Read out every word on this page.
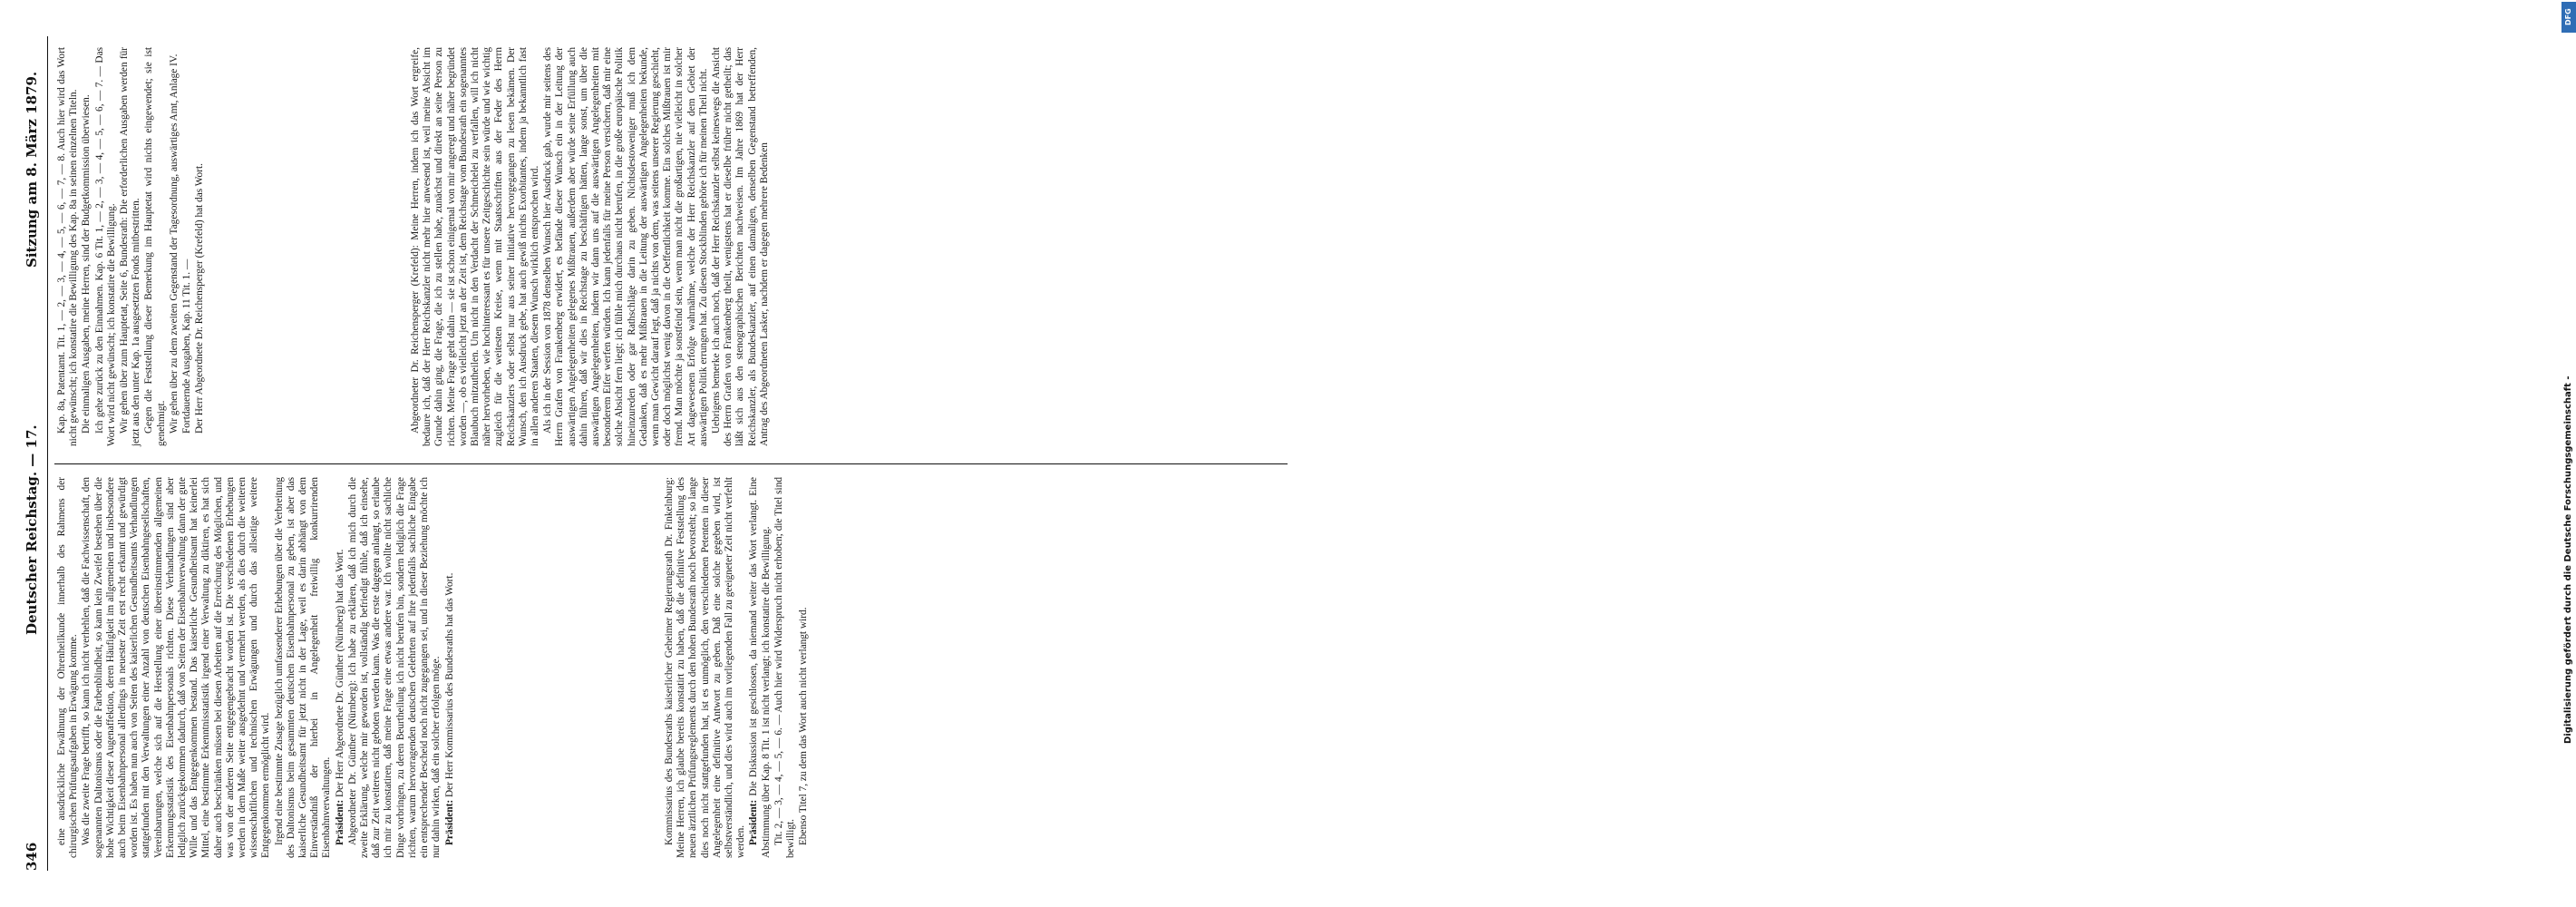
346
Deutscher Reichstag. — 17.
Sitzung am 8. März 1879.

eine ausdrückliche Erwähnung der Ohrenheilkunde innerhalb des Rahmens der chirurgischen Prüfungsaufgaben in Erwägung komme. Was die zweite Frage betrifft, so kann ich nicht verhehlen, daß die Fachwissenschaft, den sogenannten Daltonismus oder die Farbenblindheit, so kann kein Zweifel bestehen über die hohe Wichtigkeit dieser Augenaffektion, deren Häufigkeit im allgemeinen und insbesondere auch beim Eisenbahnpersonal allerdings in neuester Zeit erst recht erkannt und gewürdigt worden ist. Es haben nun auch von Seiten des kaiserlichen Gesundheitsamts Verhandlungen stattgefunden mit den Verwaltungen einer Anzahl von deutschen Eisenbahngesellschaften, Vereinbarungen, welche sich auf die Herstellung einer übereinstimmenden allgemeinen Erkennungsstatistik des Eisenbahnpersonals richten. Diese Verhandlungen sind aber lediglich zurückgekommen dadurch, daß von Seiten der Eisenbahnverwaltung dann der gute Wille und das Entgegenkommen bestand. Das kaiserliche Gesundheitsamt hat keinerlei Mittel, eine bestimmte Erkenntnisstatistik irgend einer Verwaltung zu diktiren, es hat sich daher auch beschränken müssen bei diesen Arbeiten auf die Erreichung des Möglichen, und was von der anderen Seite entgegengebracht worden ist. Die verschiedenen Erhebungen werden in dem Maße weiter ausgedehnt und vermehrt werden, als dies durch die weiteren wissenschaftlichen und technischen Erwägungen und durch das allseitige weitere Entgegenkommen ermöglicht wird. Irgend eine bestimmte Zusage bezüglich umfassenderer Erhebungen über die Verbreitung des Daltonismus beim gesammten deutschen Eisenbahnpersonal zu geben, ist aber das kaiserliche Gesundheitsamt für jetzt nicht in der Lage, weil es darin abhängt von dem Einverständniß der hierbei in Angelegenheit freiwillig konkurrirenden Eisenbahnverwaltungen. Präsident: Der Herr Abgeordnete Dr. Günther (Nürnberg) hat das Wort. Abgeordneter Dr. Günther (Nürnberg): Ich habe zu erklären, daß ich mich durch die zweite Erklärung, welche mir geworden ist, vollständig befriedigt fühle, daß ich einsehe, daß zur Zeit weiteres nicht geboten werden kann. Was die erste dagegen anlangt, so erlaube ich mir zu konstatiren, daß meine Frage eine etwas andere war. Ich wollte nicht sachliche Dinge vorbringen, zu deren Beurtheilung ich nicht berufen bin, sondern lediglich die Frage richten, warum hervorragenden deutschen Gelehrten auf ihre jedenfalls sachliche Eingabe ein entsprechender Bescheid noch nicht zugegangen sei, und in dieser Beziehung möchte ich nur dahin wirken, daß ein solcher erfolgen möge. Präsident: Der Herr Kommissarius des Bundesraths hat das Wort.	Kommissarius des Bundesraths kaiserlicher Geheimer Regierungsrath Dr. Finkelnburg: Meine Herren, ich glaube bereits konstatirt zu haben, daß die definitive Feststellung des neuen ärztlichen Prüfungsreglements durch den hohen Bundesrath noch bevorsteht; so lange dies noch nicht stattgefunden hat, ist es unmöglich, den verschiedenen Petenten in dieser Angelegenheit eine definitive Antwort zu geben. Daß eine solche gegeben wird, ist selbstverständlich, und dies wird auch im vorliegenden Fall zu geeigneter Zeit nicht verfehlt werden. Präsident: Die Diskussion ist geschlossen, da niemand weiter das Wort verlangt. Eine Abstimmung über Kap. 8 Tit. 1 ist nicht verlangt; ich konstatire die Bewilligung. Tit. 2, — 3, — 4, — 5, — 6. — Auch hier wird Widerspruch nicht erhoben; die Titel sind bewilligt. Ebenso Titel 7, zu dem das Wort auch nicht verlangt wird.

Kap. 8a, Patentamt. Tit. 1, — 2, — 3, — 4, — 5, — 6, — 7, — 8. Auch hier wird das Wort nicht gewünscht; ich konstatire die Bewilligung des Kap. 8a in seinen einzelnen Titeln. Die einmaligen Ausgaben, meine Herren, sind der Budgetkommission überwiesen. Ich gehe zurück zu den Einnahmen. Kap. 6 Tit. 1, — 2, — 3, — 4, — 5, — 6, — 7. — Das Wort wird nicht gewünscht; ich konstatire die Bewilligung. Wir gehen über zum Hauptetat, Seite 6, Bundesrath: Die erforderlichen Ausgaben werden für jetzt aus den unter Kap. 1a ausgesetzten Fonds mitbestritten. Gegen die Feststellung dieser Bemerkung im Hauptetat wird nichts eingewendet; sie ist genehmigt. Wir gehen über zu dem zweiten Gegenstand der Tagesordnung, auswärtiges Amt, Anlage IV. Fortdauernde Ausgaben, Kap. 11 Tit. 1. — Der Herr Abgeordnete Dr. Reichensperger (Krefeld) hat das Wort.	Abgeordneter Dr. Reichensperger (Krefeld): Meine Herren, indem ich das Wort ergreife, bedaure ich, daß der Herr Reichskanzler nicht mehr hier anwesend ist, weil meine Absicht im Grunde dahin ging, die Frage, die ich zu stellen habe, zunächst und direkt an seine Person zu richten. Meine Frage geht dahin — sie ist schon einigemal von mir angeregt und näher begründet worden —, ob es vielleicht jetzt an der Zeit ist, dem Reichstage vom Bundesrath ein sogenanntes Blaubuch mitzutheilen. Um nicht in den Verdacht der Schmeichelei zu verfallen, will ich nicht näher hervorheben, wie hochinteressant es für unsere Zeitgeschichte sein würde und wie wichtig zugleich für die weitesten Kreise, wenn mit Staatsschriften aus der Feder des Herrn Reichskanzlers oder selbst nur aus seiner Initiative hervorgegangen zu lesen bekämen. Der Wunsch, den ich Ausdruck gebe, hat auch gewiß nichts Exorbitantes, indem ja bekanntlich fast in allen anderen Staaten, diesem Wunsch wirklich entsprochen wird. Als ich in der Session von 1878 denselben Wunsch hier Ausdruck gab, wurde mir seitens des Herrn Grafen von Frankenberg erwidert, es befände dieser Wunsch ein in der Leitung der auswärtigen Angelegenheiten gelegenes Mißtrauen, außerdem aber würde seine Erfüllung auch dahin führen, daß wir dies in Reichstage zu beschäftigen hätten, lange sonst, um über die auswärtigen Angelegenheiten, indem wir dann uns auf die auswärtigen Angelegenheiten mit besonderem Eifer werfen würden. Ich kann jedenfalls für meine Person versichern, daß mir eine solche Absicht fern liegt; ich fühle mich durchaus nicht berufen, in die große europäische Politik hineinzureden oder gar Rathschläge darin zu geben. Nichtsdestoweniger muß ich dem Gedanken, daß es mehr Mißtrauen in die Leitung der auswärtigen Angelegenheiten bekunde, wenn man Gewicht darauf legt, daß ja nichts von dem, was seitens unserer Regierung geschieht, oder doch möglichst wenig davon in die Oeffentlichkeit komme. Ein solches Mißtrauen ist mir fremd. Man möchte ja sonstfeind sein, wenn man nicht die großartigen, nie vielleicht in solcher Art dagewesenen Erfolge wahrnähme, welche der Herr Reichskanzler auf dem Gebiet der auswärtigen Politik errungen hat. Zu diesen Stockblinden gehöre ich für meinen Theil nicht. Uebrigens bemerke ich auch noch, daß der Herr Reichskanzler selbst keineswegs die Ansicht des Herrn Grafen von Frankenberg theilt, wenigstens hat er dieselbe früher nicht getheilt; das läßt sich aus den stenographischen Berichten nachweisen. Im Jahre 1869 hat der Herr Reichskanzler, als Bundeskanzler, auf einen damaligen, denselben Gegenstand betreffenden, Antrag des Abgeordneten Lasker, nachdem er dagegen mehrere Bedenken

DFG
Digitalisierung gefördert durch die Deutsche Forschungsgemeinschaft -
